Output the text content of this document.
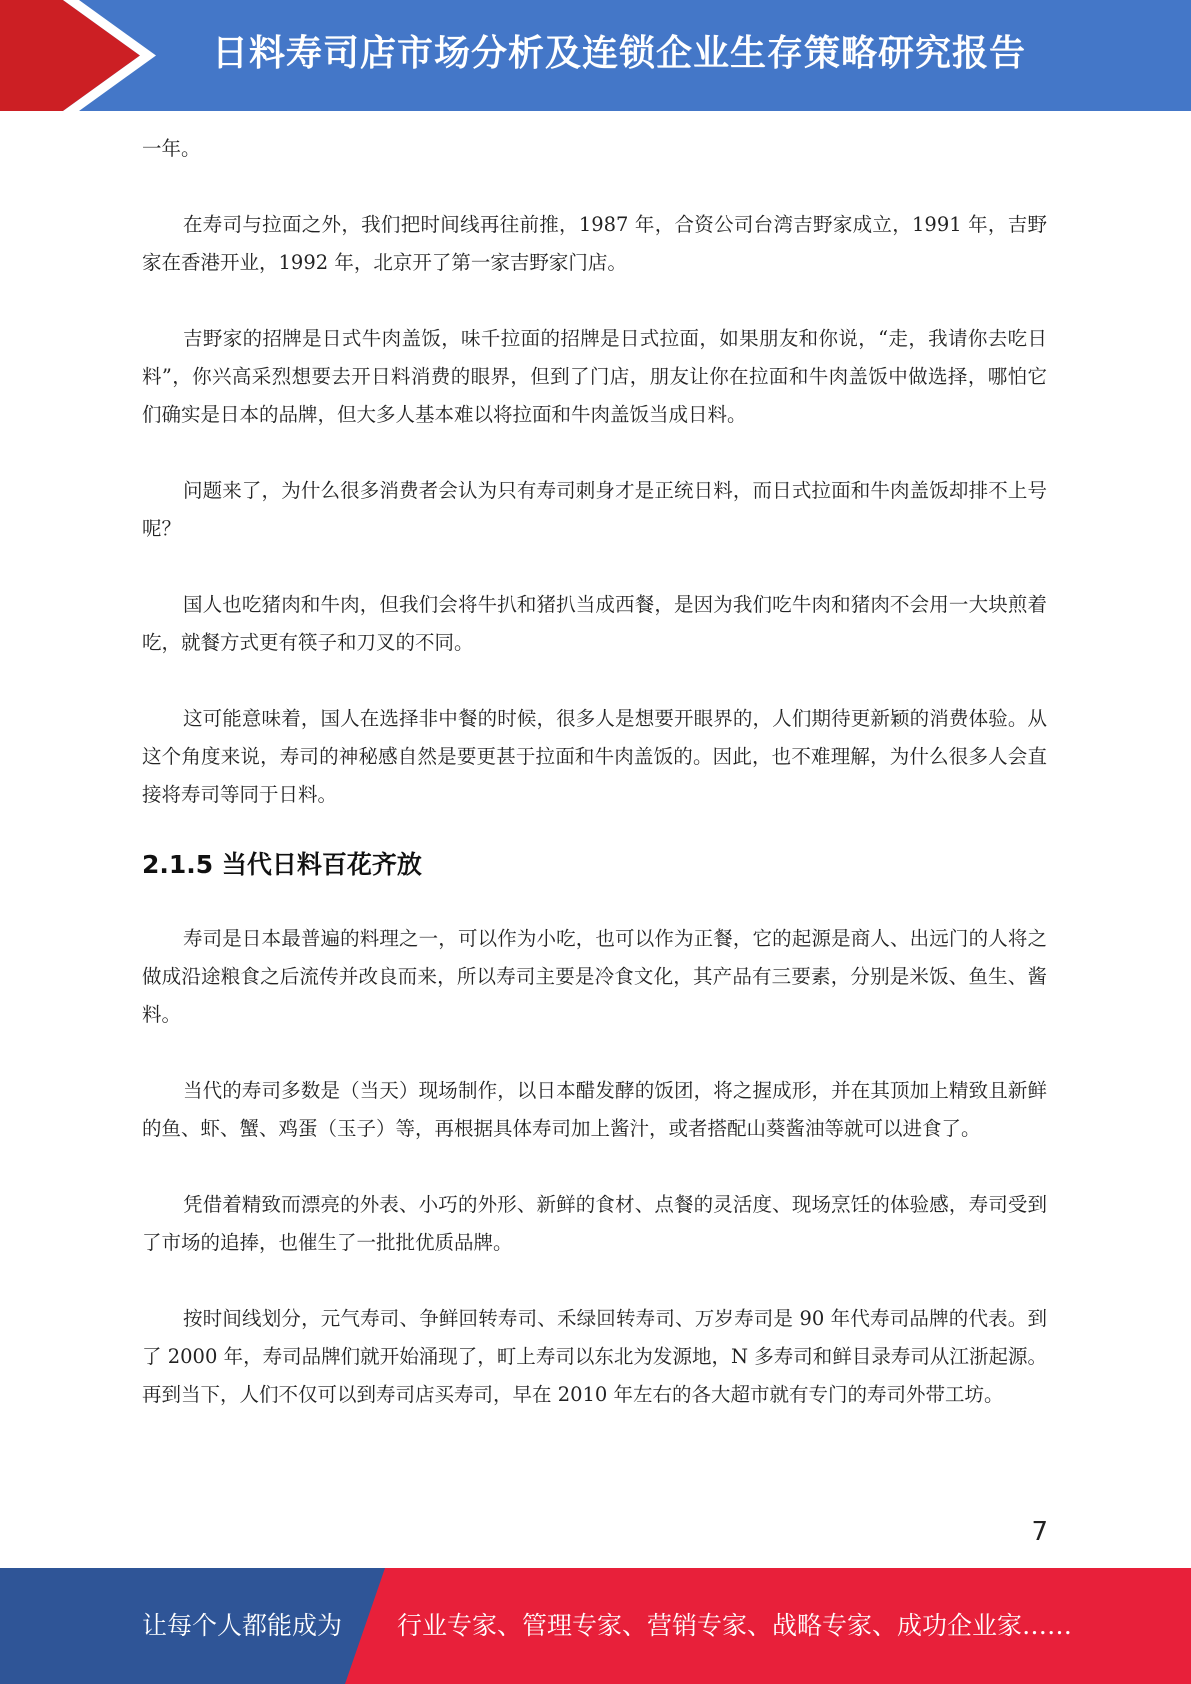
日料寿司店市场分析及连锁企业生存策略研究报告

一年。

在寿司与拉面之外，我们把时间线再往前推，1987 年，合资公司台湾吉野家成立，1991 年，吉野家在香港开业，1992 年，北京开了第一家吉野家门店。

吉野家的招牌是日式牛肉盖饭，味千拉面的招牌是日式拉面，如果朋友和你说，“走，我请你去吃日料”，你兴高采烈想要去开日料消费的眼界，但到了门店，朋友让你在拉面和牛肉盖饭中做选择，哪怕它们确实是日本的品牌，但大多人基本难以将拉面和牛肉盖饭当成日料。

问题来了，为什么很多消费者会认为只有寿司刺身才是正统日料，而日式拉面和牛肉盖饭却排不上号呢？

国人也吃猪肉和牛肉，但我们会将牛扒和猪扒当成西餐，是因为我们吃牛肉和猪肉不会用一大块煎着吃，就餐方式更有筷子和刀叉的不同。

这可能意味着，国人在选择非中餐的时候，很多人是想要开眼界的，人们期待更新颖的消费体验。从这个角度来说，寿司的神秘感自然是要更甚于拉面和牛肉盖饭的。因此，也不难理解，为什么很多人会直接将寿司等同于日料。

2.1.5 当代日料百花齐放

寿司是日本最普遍的料理之一，可以作为小吃，也可以作为正餐，它的起源是商人、出远门的人将之做成沿途粮食之后流传并改良而来，所以寿司主要是冷食文化，其产品有三要素，分别是米饭、鱼生、酱料。

当代的寿司多数是（当天）现场制作，以日本醋发酵的饭团，将之握成形，并在其顶加上精致且新鲜的鱼、虾、蟹、鸡蛋（玉子）等，再根据具体寿司加上酱汁，或者搭配山葵酱油等就可以进食了。

凭借着精致而漂亮的外表、小巧的外形、新鲜的食材、点餐的灵活度、现场烹饪的体验感，寿司受到了市场的追捧，也催生了一批批优质品牌。

按时间线划分，元气寿司、争鲜回转寿司、禾绿回转寿司、万岁寿司是 90 年代寿司品牌的代表。到了 2000 年，寿司品牌们就开始涌现了，町上寿司以东北为发源地，N 多寿司和鲜目录寿司从江浙起源。再到当下，人们不仅可以到寿司店买寿司，早在 2010 年左右的各大超市就有专门的寿司外带工坊。

7
让每个人都能成为 行业专家、管理专家、营销专家、战略专家、成功企业家……
